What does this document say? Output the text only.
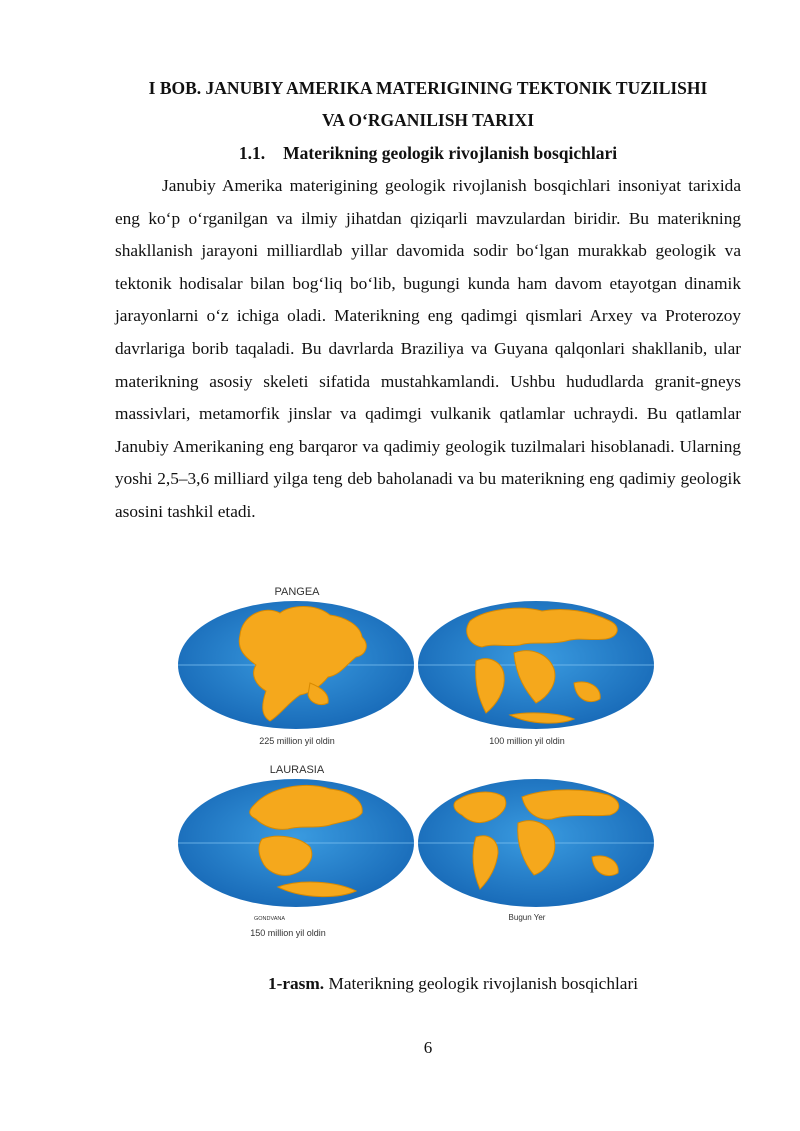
I BOB. JANUBIY AMERIKA MATERIGINING TEKTONIK TUZILISHI
VA O‘RGANILISH TARIXI
1.1. Materikning geologik rivojlanish bosqichlari

Janubiy Amerika materigining geologik rivojlanish bosqichlari insoniyat tarixida eng ko‘p o‘rganilgan va ilmiy jihatdan qiziqarli mavzulardan biridir. Bu materikning shakllanish jarayoni milliardlab yillar davomida sodir bo‘lgan murakkab geologik va tektonik hodisalar bilan bog‘liq bo‘lib, bugungi kunda ham davom etayotgan dinamik jarayonlarni o‘z ichiga oladi. Materikning eng qadimgi qismlari Arxey va Proterozoy davrlariga borib taqaladi. Bu davrlarda Braziliya va Guyana qalqonlari shakllanib, ular materikning asosiy skeleti sifatida mustahkamlandi. Ushbu hududlarda granit-gneys massivlari, metamorfik jinslar va qadimgi vulkanik qatlamlar uchraydi. Bu qatlamlar Janubiy Amerikaning eng barqaror va qadimiy geologik tuzilmalari hisoblanadi. Ularning yoshi 2,5–3,6 milliard yilga teng deb baholanadi va bu materikning eng qadimiy geologik asosini tashkil etadi.

PANGEA
225 million yil oldin	100 million yil oldin
LAURASIA
GONDVANA
150 million yil oldin
Bugun Yer
1-rasm. Materikning geologik rivojlanish bosqichlari
6
